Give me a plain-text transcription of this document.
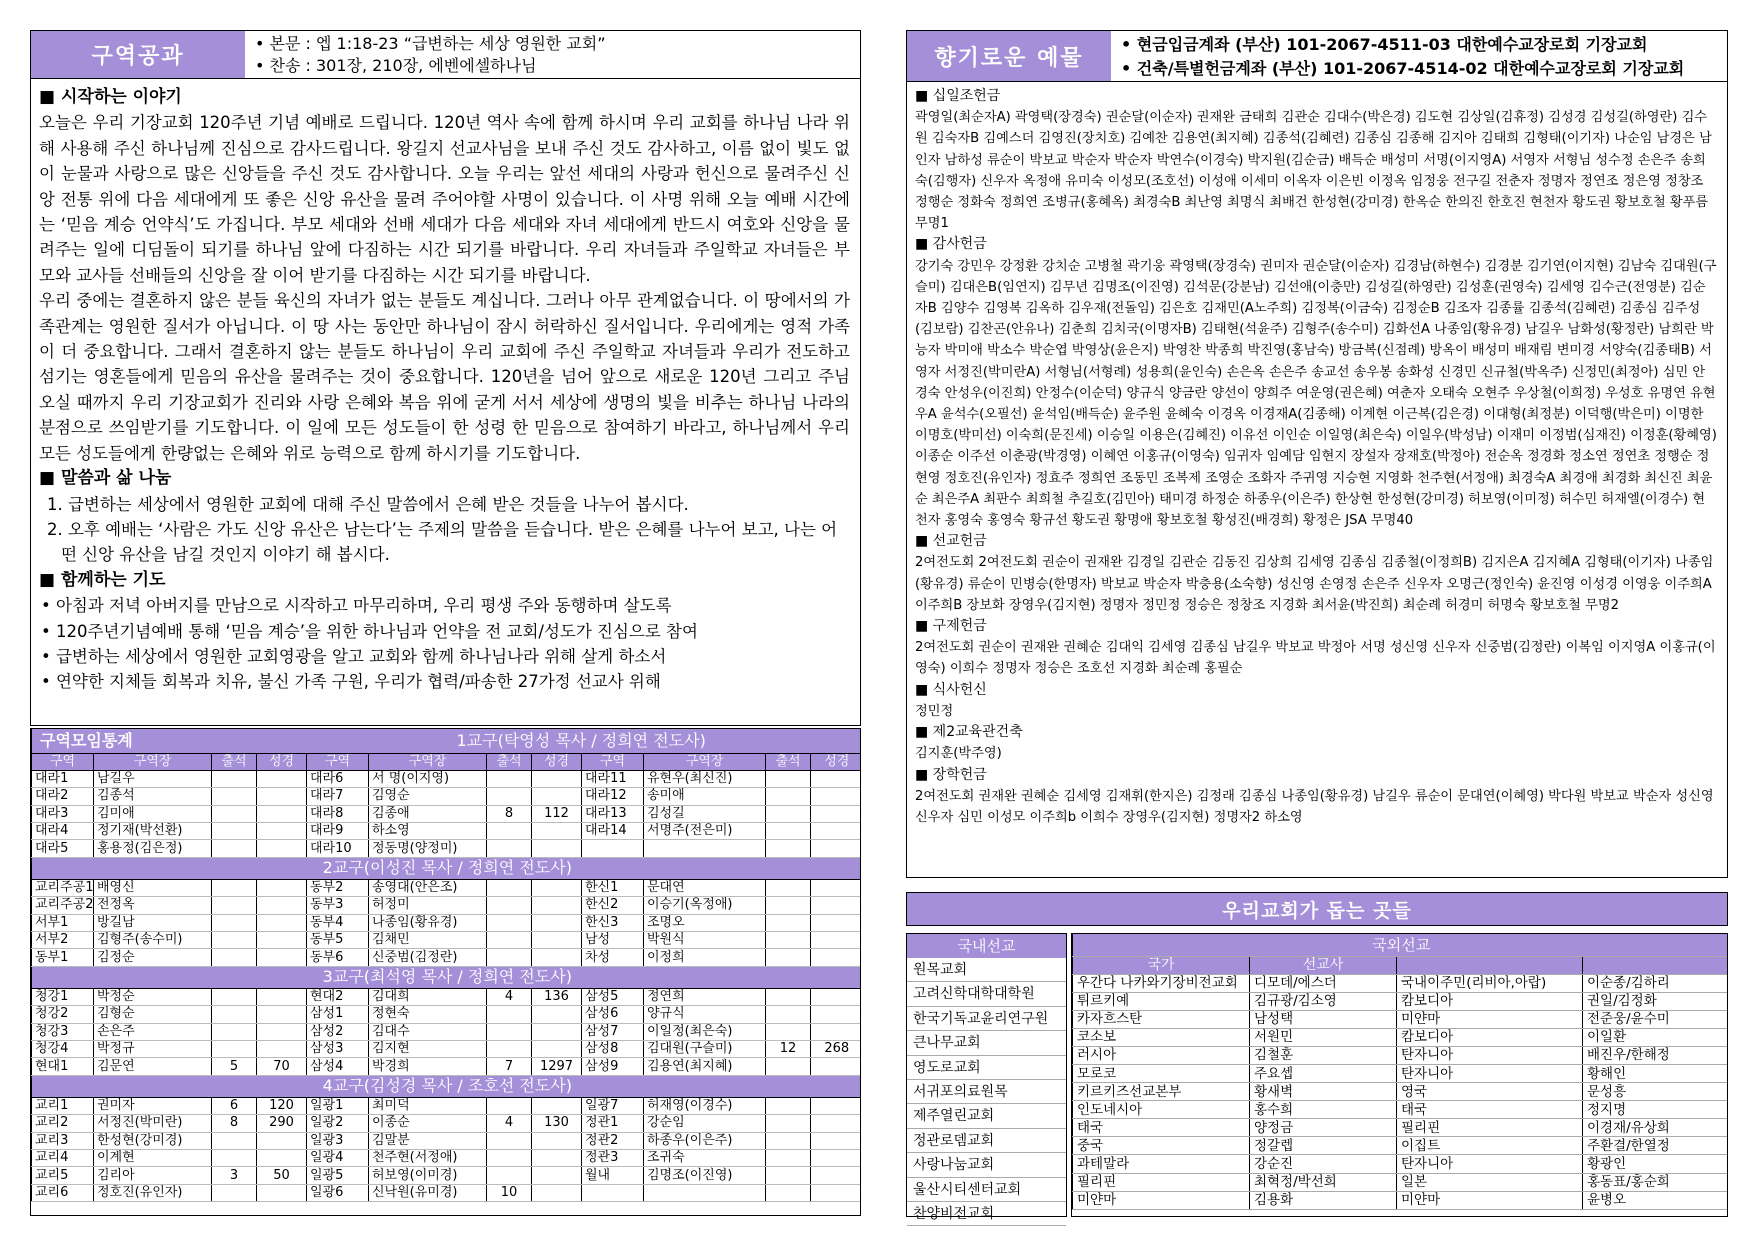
구역공과
• 본문 : 엡 1:18-23 “급변하는 세상 영원한 교회”
• 찬송 : 301장, 210장, 에벤에셀하나님
■ 시작하는 이야기
오늘은 우리 기장교회 120주년 기념 예배로 드립니다. 120년 역사 속에 함께 하시며 우리 교회를 하나님 나라 위해 사용해 주신 하나님께 진심으로 감사드립니다. 왕길지 선교사님을 보내 주신 것도 감사하고, 이름 없이 빛도 없이 눈물과 사랑으로 많은 신앙들을 주신 것도 감사합니다. 오늘 우리는 앞선 세대의 사랑과 헌신으로 물려주신 신앙 전통 위에 다음 세대에게 또 좋은 신앙 유산을 물려 주어야할 사명이 있습니다. 이 사명 위해 오늘 예배 시간에는 ‘믿음 계승 언약식’도 가집니다. 부모 세대와 선배 세대가 다음 세대와 자녀 세대에게 반드시 여호와 신앙을 물려주는 일에 디딤돌이 되기를 하나님 앞에 다짐하는 시간 되기를 바랍니다. 우리 자녀들과 주일학교 자녀들은 부모와 교사들 선배들의 신앙을 잘 이어 받기를 다짐하는 시간 되기를 바랍니다.
우리 중에는 결혼하지 않은 분들 육신의 자녀가 없는 분들도 계십니다. 그러나 아무 관계없습니다. 이 땅에서의 가족관계는 영원한 질서가 아닙니다. 이 땅 사는 동안만 하나님이 잠시 허락하신 질서입니다. 우리에게는 영적 가족이 더 중요합니다. 그래서 결혼하지 않는 분들도 하나님이 우리 교회에 주신 주일학교 자녀들과 우리가 전도하고 섬기는 영혼들에게 믿음의 유산을 물려주는 것이 중요합니다. 120년을 넘어 앞으로 새로운 120년 그리고 주님 오실 때까지 우리 기장교회가 진리와 사랑 은혜와 복음 위에 굳게 서서 세상에 생명의 빛을 비추는 하나님 나라의 분점으로 쓰임받기를 기도합니다. 이 일에 모든 성도들이 한 성령 한 믿음으로 참여하기 바라고, 하나님께서 우리 모든 성도들에게 한량없는 은혜와 위로 능력으로 함께 하시기를 기도합니다.
■ 말씀과 삶 나눔
1. 급변하는 세상에서 영원한 교회에 대해 주신 말씀에서 은혜 받은 것들을 나누어 봅시다.
2. 오후 예배는 ‘사람은 가도 신앙 유산은 남는다’는 주제의 말씀을 듣습니다. 받은 은혜를 나누어 보고, 나는 어떤 신앙 유산을 남길 것인지 이야기 해 봅시다.
■ 함께하는 기도
• 아침과 저녁 아버지를 만남으로 시작하고 마무리하며, 우리 평생 주와 동행하며 살도록
• 120주년기념예배 통해 ‘믿음 계승’을 위한 하나님과 언약을 전 교회/성도가 진심으로 참여
• 급변하는 세상에서 영원한 교회영광을 알고 교회와 함께 하나님나라 위해 살게 하소서
• 연약한 지체들 회복과 치유, 불신 가족 구원, 우리가 협력/파송한 27가정 선교사 위해
구역모임통계			1교구(탁영성 목사 / 정희연 전도사)								
구역	구역장	출석	성경	구역	구역장	출석	성경	구역	구역장	출석	성경
대라1	남길우			대라6	서 명(이지영)			대라11	유현우(최신진)		
대라2	김종석			대라7	김영순			대라12	송미애		
대라3	김미애			대라8	김종애	8	112	대라13	김성길		
대라4	정기재(박선환)			대라9	하소영			대라14	서명주(전은미)		
대라5	홍용정(김은정)			대라10	정동명(양정미)						
2교구(이성진 목사 / 정희연 전도사)											
교리주공1	배영신			동부2	송영대(안은조)			한신1	문대연		
교리주공2	전정옥			동부3	허정미			한신2	이승기(옥정애)		
서부1	방길남			동부4	나종임(황유경)			한신3	조명오		
서부2	김형주(송수미)			동부5	김채민			남성	박원식		
동부1	김정순			동부6	신중범(김정란)			차성	이정희		
3교구(최석영 목사 / 정희연 전도사)											
청강1	박정순			현대2	김대희	4	136	삼성5	정연희		
청강2	김형순			삼성1	정현숙			삼성6	양규식		
청강3	손은주			삼성2	김대수			삼성7	이일정(최은숙)		
청강4	박정규			삼성3	김지현			삼성8	김대원(구슬미)	12	268
현대1	김문연	5	70	삼성4	박경희	7	1297	삼성9	김용연(최지혜)		
4교구(김성경 목사 / 조호선 전도사)											
교리1	권미자	6	120	일광1	최미덕			일광7	허재영(이경수)		
교리2	서정진(박미란)	8	290	일광2	이종순	4	130	정관1	강순임		
교리3	한성현(강미경)			일광3	김말분			정관2	하종우(이은주)		
교리4	이계현			일광4	천주현(서정애)			정관3	조귀숙		
교리5	김리아	3	50	일광5	허보영(이미경)			월내	김명조(이진영)		
교리6	정호진(유인자)			일광6	신낙원(유미경)	10					
향기로운 예물
• 현금입금계좌 (부산) 101-2067-4511-03 대한예수교장로회 기장교회
• 건축/특별헌금계좌 (부산) 101-2067-4514-02 대한예수교장로회 기장교회
■ 십일조헌금
곽영일(최순자A) 곽영택(장경숙) 권순달(이순자) 권재완 금태희 김관순 김대수(박은경) 김도현 김상일(김휴정) 김성경 김성길(하영란) 김수원 김숙자B 김예스더 김영진(장치호) 김예찬 김용연(최지혜) 김종석(김혜련) 김종심 김종해 김지아 김태희 김형태(이기자) 나순임 남경은 남인자 남하성 류순이 박보교 박순자 박순자 박연수(이경숙) 박지원(김순금) 배득순 배성미 서명(이지영A) 서영자 서형님 성수정 손은주 송희숙(김행자) 신우자 옥정애 유미숙 이성모(조호선) 이성애 이세미 이옥자 이은빈 이정옥 임정웅 전구길 전춘자 정명자 정연조 정은영 정창조 정행순 정화숙 정희연 조병규(홍혜옥) 최경숙B 최난영 최명식 최배건 한성현(강미경) 한옥순 한의진 한호진 현천자 황도권 황보호철 황푸름 무명1
■ 감사헌금
강기숙 강민우 강정환 강치순 고병철 곽기웅 곽영택(장경숙) 권미자 권순달(이순자) 김경남(하현수) 김경분 김기연(이지현) 김남숙 김대원(구슬미) 김대은B(임연지) 김무년 김명조(이진영) 김석문(강분남) 김선애(이충만) 김성길(하영란) 김성훈(권영숙) 김세영 김수근(전영분) 김순자B 김양수 김영복 김옥하 김우재(전돌임) 김은호 김재민(A노주희) 김정복(이금숙) 김정순B 김조자 김종률 김종석(김혜련) 김종심 김주성(김보람) 김찬곤(안유나) 김춘희 김치국(이명자B) 김태현(석윤주) 김형주(송수미) 김화선A 나종임(황유경) 남길우 남화성(황정란) 남희란 박능자 박미애 박소수 박순엽 박영상(윤은지) 박영찬 박종희 박진영(홍남숙) 방금복(신점례) 방옥이 배성미 배재림 변미경 서양숙(김종태B) 서영자 서정진(박미란A) 서형님(서형례) 성용희(윤인숙) 손은옥 손은주 송교선 송우봉 송화성 신경민 신규철(박옥주) 신정민(최정아) 심민 안경숙 안성우(이진희) 안정수(이순덕) 양규식 양금란 양선이 양희주 여운영(권은혜) 여춘자 오태숙 오현주 우상철(이희정) 우성호 유명연 유현우A 윤석수(오필선) 윤석임(배득순) 윤주원 윤혜숙 이경옥 이경재A(김종해) 이계현 이근복(김은경) 이대형(최정분) 이덕행(박은미) 이명한 이명호(박미선) 이숙희(문진세) 이승일 이용은(김혜진) 이유선 이인순 이일영(최은숙) 이일우(박성남) 이재미 이정범(심재진) 이정훈(황혜영) 이종순 이주선 이춘광(박경영) 이혜연 이홍규(이영숙) 임귀자 임예담 임현지 장설자 장재호(박정아) 전순옥 정경화 정소연 정연초 정행순 정현영 정호진(유인자) 정효주 정희연 조동민 조복제 조영순 조화자 주귀영 지승현 지영화 천주현(서정애) 최경숙A 최경애 최경화 최신진 최윤순 최은주A 최판수 최희철 추길호(김민아) 태미경 하정순 하종우(이은주) 한상현 한성현(강미경) 허보영(이미정) 허수민 허재엘(이경수) 현천자 홍영숙 홍영숙 황규선 황도권 황명애 황보호철 황성진(배경희) 황정은 JSA 무명40
■ 선교헌금
2여전도회 2여전도회 권순이 권재완 김경일 김관순 김동진 김상희 김세영 김종심 김종철(이정희B) 김지은A 김지혜A 김형태(이기자) 나종임(황유경) 류순이 민병승(한명자) 박보교 박순자 박충용(소숙향) 성신영 손영정 손은주 신우자 오명근(정인숙) 윤진영 이성경 이영웅 이주희A 이주희B 장보화 장영우(김지현) 정명자 정민정 정승은 정창조 지경화 최서윤(박진희) 최순례 허경미 허명숙 황보호철 무명2
■ 구제헌금
2여전도회 권순이 권재완 권혜순 김대익 김세영 김종심 남길우 박보교 박정아 서명 성신영 신우자 신중범(김정란) 이복임 이지영A 이홍규(이영숙) 이희수 정명자 정승은 조호선 지경화 최순례 홍필순
■ 식사헌신
정민정
■ 제2교육관건축
김지훈(박주영)
■ 장학헌금
2여전도회 권재완 권혜순 김세영 김재휘(한지은) 김정래 김종심 나종임(황유경) 남길우 류순이 문대연(이혜영) 박다원 박보교 박순자 성신영 신우자 심민 이성모 이주희b 이희수 장영우(김지현) 정명자2 하소영
우리교회가 돕는 곳들
국내선교
원목교회
고려신학대학대학원
한국기독교윤리연구원
큰나무교회
영도로교회
서귀포의료원목
제주열린교회
정관로뎀교회
사랑나눔교회
울산시티센터교회
찬양비전교회
국외선교			
국가	선교사		
우간다 나카와기장비전교회	디모데/에스더	국내이주민(리비아,아랍)	이순종/김하리
튀르키예	김규광/김소영	캄보디아	권일/김정화
카자흐스탄	남성택	미얀마	전준웅/윤수미
코소보	서원민	캄보디아	이일환
러시아	김철훈	탄자니아	배진우/한해정
모로코	주요셉	탄자니아	황해인
키르키즈선교본부	황새벽	영국	문성흥
인도네시아	홍수희	태국	정지명
태국	양정금	필리핀	이경재/유상희
중국	정갈렙	이집트	주환결/한열정
과테말라	강순진	탄자니아	황광인
필리핀	최혁정/박선희	일본	홍동표/홍순희
미얀마	김용화	미얀마	윤병오
